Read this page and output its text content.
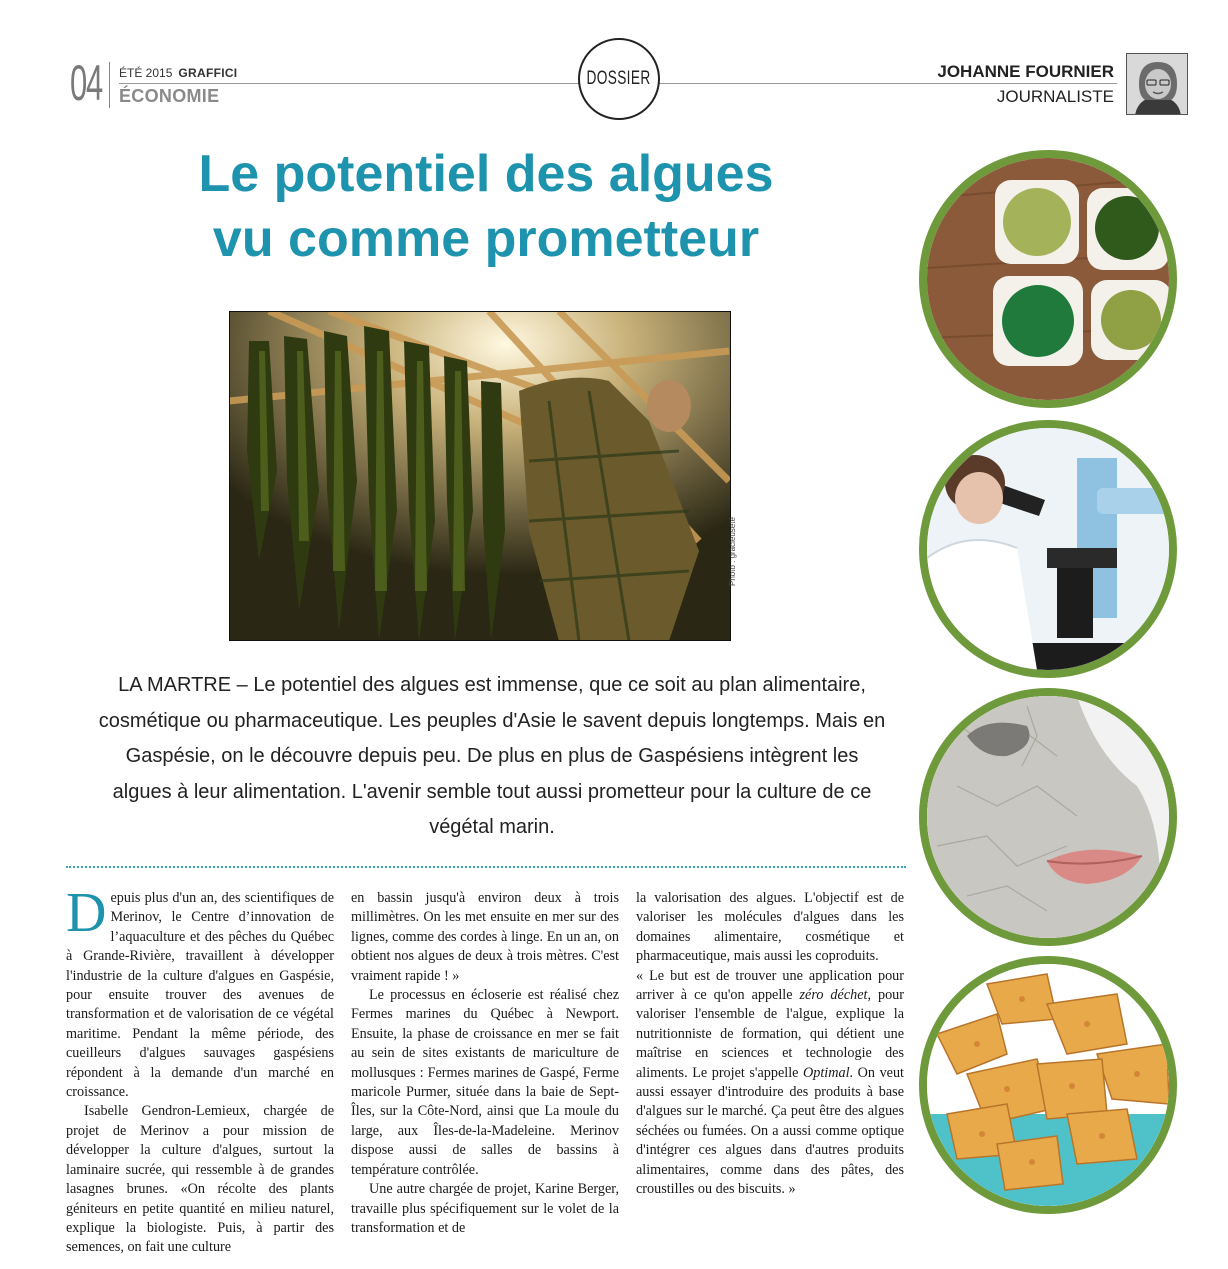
04 ÉTÉ 2015 GRAFFICI
ÉCONOMIE
DOSSIER	JOHANNE FOURNIER
JOURNALISTE
Le potentiel des algues
vu comme prometteur
Photo : gracieuseté

LA MARTRE – Le potentiel des algues est immense, que ce soit au plan alimentaire, cosmétique ou pharmaceutique. Les peuples d'Asie le savent depuis longtemps. Mais en Gaspésie, on le découvre depuis peu. De plus en plus de Gaspésiens intègrent les algues à leur alimentation. L'avenir semble tout aussi prometteur pour la culture de ce végétal marin.

Depuis plus d'un an, des scientifiques de Merinov, le Centre d’innovation de l’aquaculture et des pêches du Québec à Grande-Rivière, travaillent à développer l'industrie de la culture d'algues en Gaspésie, pour ensuite trouver des avenues de transformation et de valorisation de ce végétal maritime. Pendant la même période, des cueilleurs d'algues sauvages gaspésiens répondent à la demande d'un marché en croissance.

Isabelle Gendron-Lemieux, chargée de projet de Merinov a pour mission de développer la culture d'algues, surtout la laminaire sucrée, qui ressemble à de grandes lasagnes brunes. «On récolte des plants géniteurs en petite quantité en milieu naturel, explique la biologiste. Puis, à partir des semences, on fait une culture

en bassin jusqu'à environ deux à trois millimètres. On les met ensuite en mer sur des lignes, comme des cordes à linge. En un an, on obtient nos algues de deux à trois mètres. C'est vraiment rapide ! »

Le processus en écloserie est réalisé chez Fermes marines du Québec à Newport. Ensuite, la phase de croissance en mer se fait au sein de sites existants de mariculture de mollusques : Fermes marines de Gaspé, Ferme maricole Purmer, située dans la baie de Sept-Îles, sur la Côte-Nord, ainsi que La moule du large, aux Îles-de-la-Madeleine. Merinov dispose aussi de salles de bassins à température contrôlée.

Une autre chargée de projet, Karine Berger, travaille plus spécifiquement sur le volet de la transformation et de

la valorisation des algues. L'objectif est de valoriser les molécules d'algues dans les domaines alimentaire, cosmétique et pharmaceutique, mais aussi les coproduits.

« Le but est de trouver une application pour arriver à ce qu'on appelle zéro déchet, pour valoriser l'ensemble de l'algue, explique la nutritionniste de formation, qui détient une maîtrise en sciences et technologie des aliments. Le projet s'appelle Optimal. On veut aussi essayer d'introduire des produits à base d'algues sur le marché. Ça peut être des algues séchées ou fumées. On a aussi comme optique d'intégrer ces algues dans d'autres produits alimentaires, comme dans des pâtes, des croustilles ou des biscuits. »
